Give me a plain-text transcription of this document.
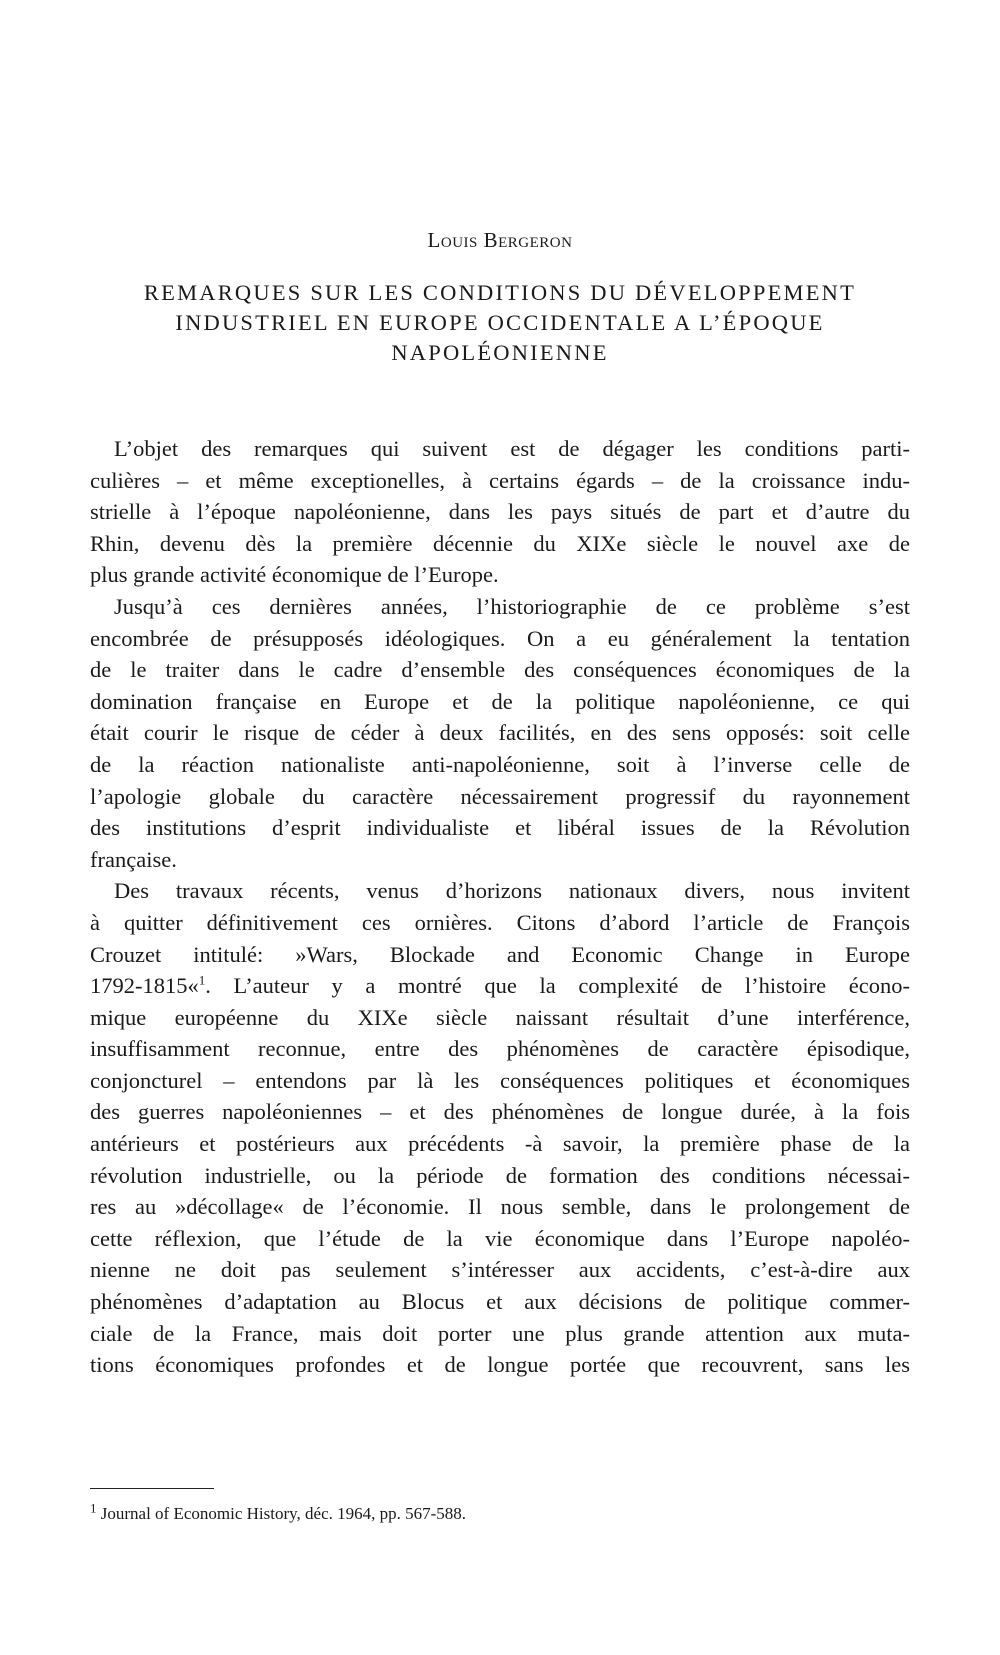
Louis Bergeron
REMARQUES SUR LES CONDITIONS DU DÉVELOPPEMENT
INDUSTRIEL EN EUROPE OCCIDENTALE A L’ÉPOQUE
NAPOLÉONIENNE
L’objet des remarques qui suivent est de dégager les conditions parti-
culières – et même exceptionelles, à certains égards – de la croissance indu-
strielle à l’époque napoléonienne, dans les pays situés de part et d’autre du
Rhin, devenu dès la première décennie du XIXe siècle le nouvel axe de
plus grande activité économique de l’Europe.
Jusqu’à ces dernières années, l’historiographie de ce problème s’est
encombrée de présupposés idéologiques. On a eu généralement la tentation
de le traiter dans le cadre d’ensemble des conséquences économiques de la
domination française en Europe et de la politique napoléonienne, ce qui
était courir le risque de céder à deux facilités, en des sens opposés: soit celle
de la réaction nationaliste anti-napoléonienne, soit à l’inverse celle de
l’apologie globale du caractère nécessairement progressif du rayonnement
des institutions d’esprit individualiste et libéral issues de la Révolution
française.
Des travaux récents, venus d’horizons nationaux divers, nous invitent
à quitter définitivement ces ornières. Citons d’abord l’article de François
Crouzet intitulé: »Wars, Blockade and Economic Change in Europe
1792-1815«$^1$. L’auteur y a montré que la complexité de l’histoire écono-
mique européenne du XIXe siècle naissant résultait d’une interférence,
insuffisamment reconnue, entre des phénomènes de caractère épisodique,
conjoncturel – entendons par là les conséquences politiques et économiques
des guerres napoléoniennes – et des phénomènes de longue durée, à la fois
antérieurs et postérieurs aux précédents -à savoir, la première phase de la
révolution industrielle, ou la période de formation des conditions nécessai-
res au »décollage« de l’économie. Il nous semble, dans le prolongement de
cette réflexion, que l’étude de la vie économique dans l’Europe napoléo-
nienne ne doit pas seulement s’intéresser aux accidents, c’est-à-dire aux
phénomènes d’adaptation au Blocus et aux décisions de politique commer-
ciale de la France, mais doit porter une plus grande attention aux muta-
tions économiques profondes et de longue portée que recouvrent, sans les
$^1$ Journal of Economic History, déc. 1964, pp. 567-588.
